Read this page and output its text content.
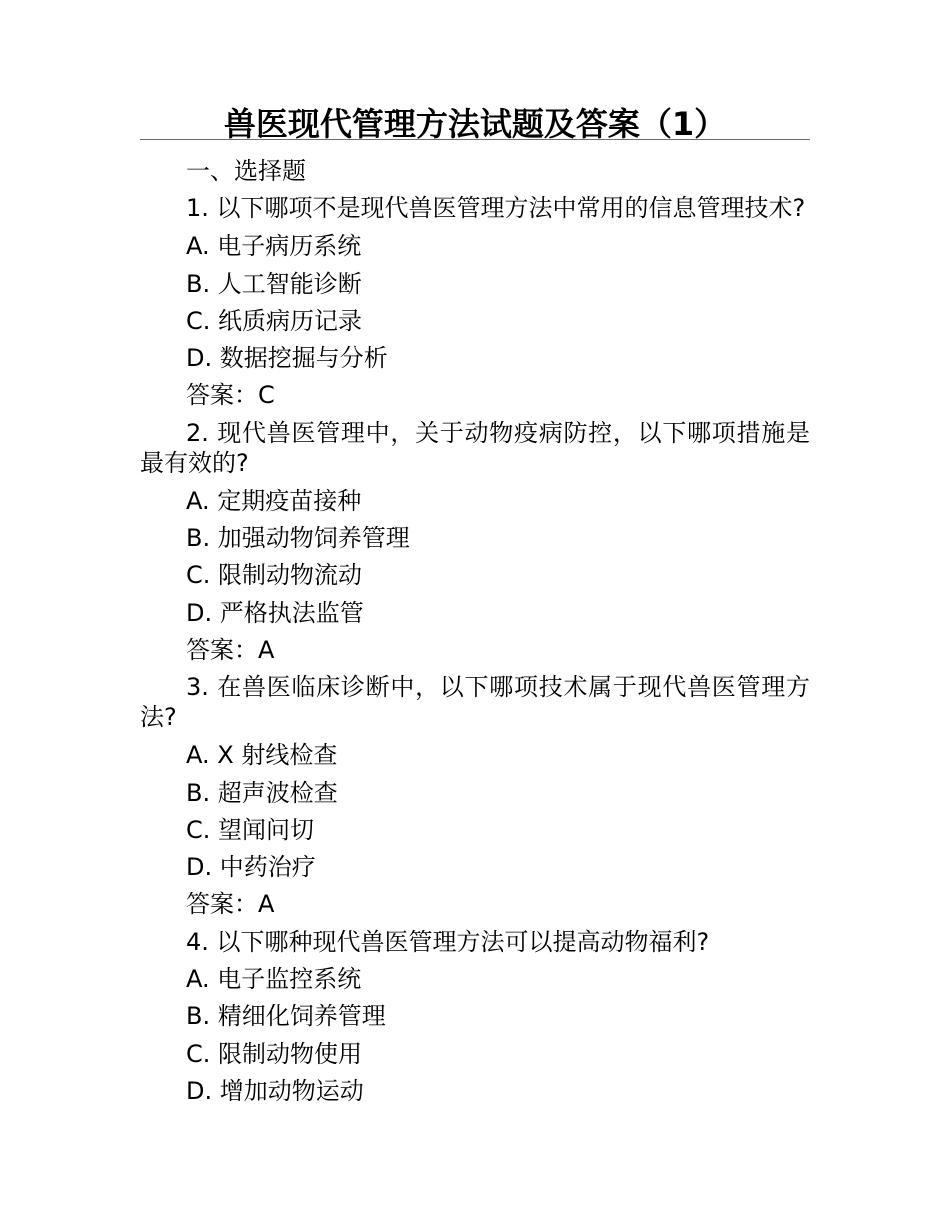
兽医现代管理方法试题及答案（1）

一、选择题

1. 以下哪项不是现代兽医管理方法中常用的信息管理技术?

A. 电子病历系统

B. 人工智能诊断

C. 纸质病历记录

D. 数据挖掘与分析

答案：C

2. 现代兽医管理中，关于动物疫病防控，以下哪项措施是最有效的?

A. 定期疫苗接种

B. 加强动物饲养管理

C. 限制动物流动

D. 严格执法监管

答案：A

3. 在兽医临床诊断中，以下哪项技术属于现代兽医管理方法?

A. X 射线检查

B. 超声波检查

C. 望闻问切

D. 中药治疗

答案：A

4. 以下哪种现代兽医管理方法可以提高动物福利?

A. 电子监控系统

B. 精细化饲养管理

C. 限制动物使用

D. 增加动物运动
